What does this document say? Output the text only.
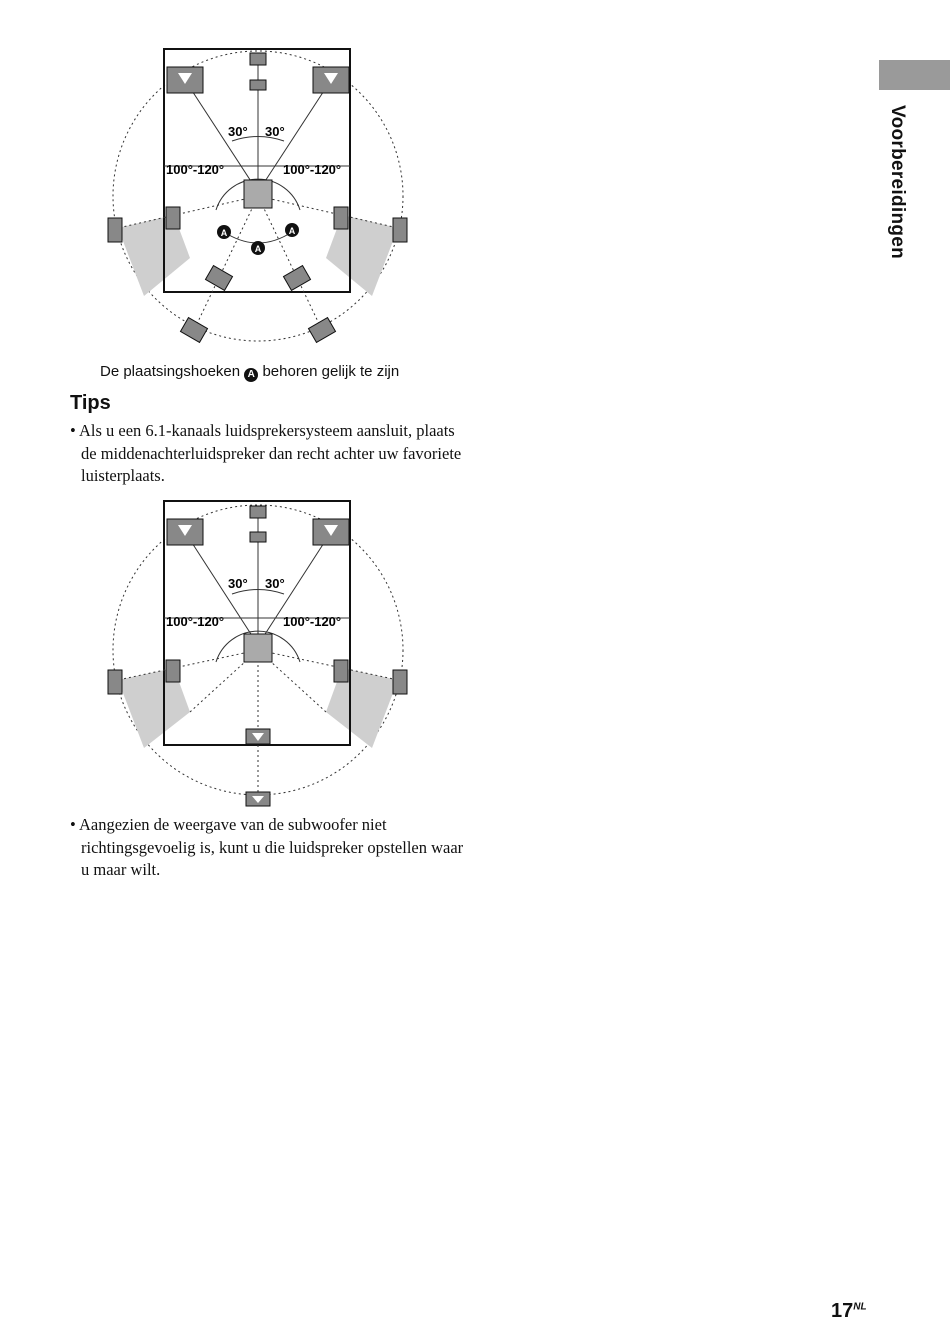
30° 30°
100°-120°	100°-120°
A
A
A
De plaatsingshoeken A behoren gelijk te zijn
Tips

• Als u een 6.1-kanaals luidsprekersysteem aansluit, plaats de middenachterluidspreker dan recht achter uw favoriete luisterplaats.

30° 30°
100°-120°	100°-120°

• Aangezien de weergave van de subwoofer niet richtingsgevoelig is, kunt u die luidspreker opstellen waar u maar wilt.

Voorbereidingen
$17^{NL}$
